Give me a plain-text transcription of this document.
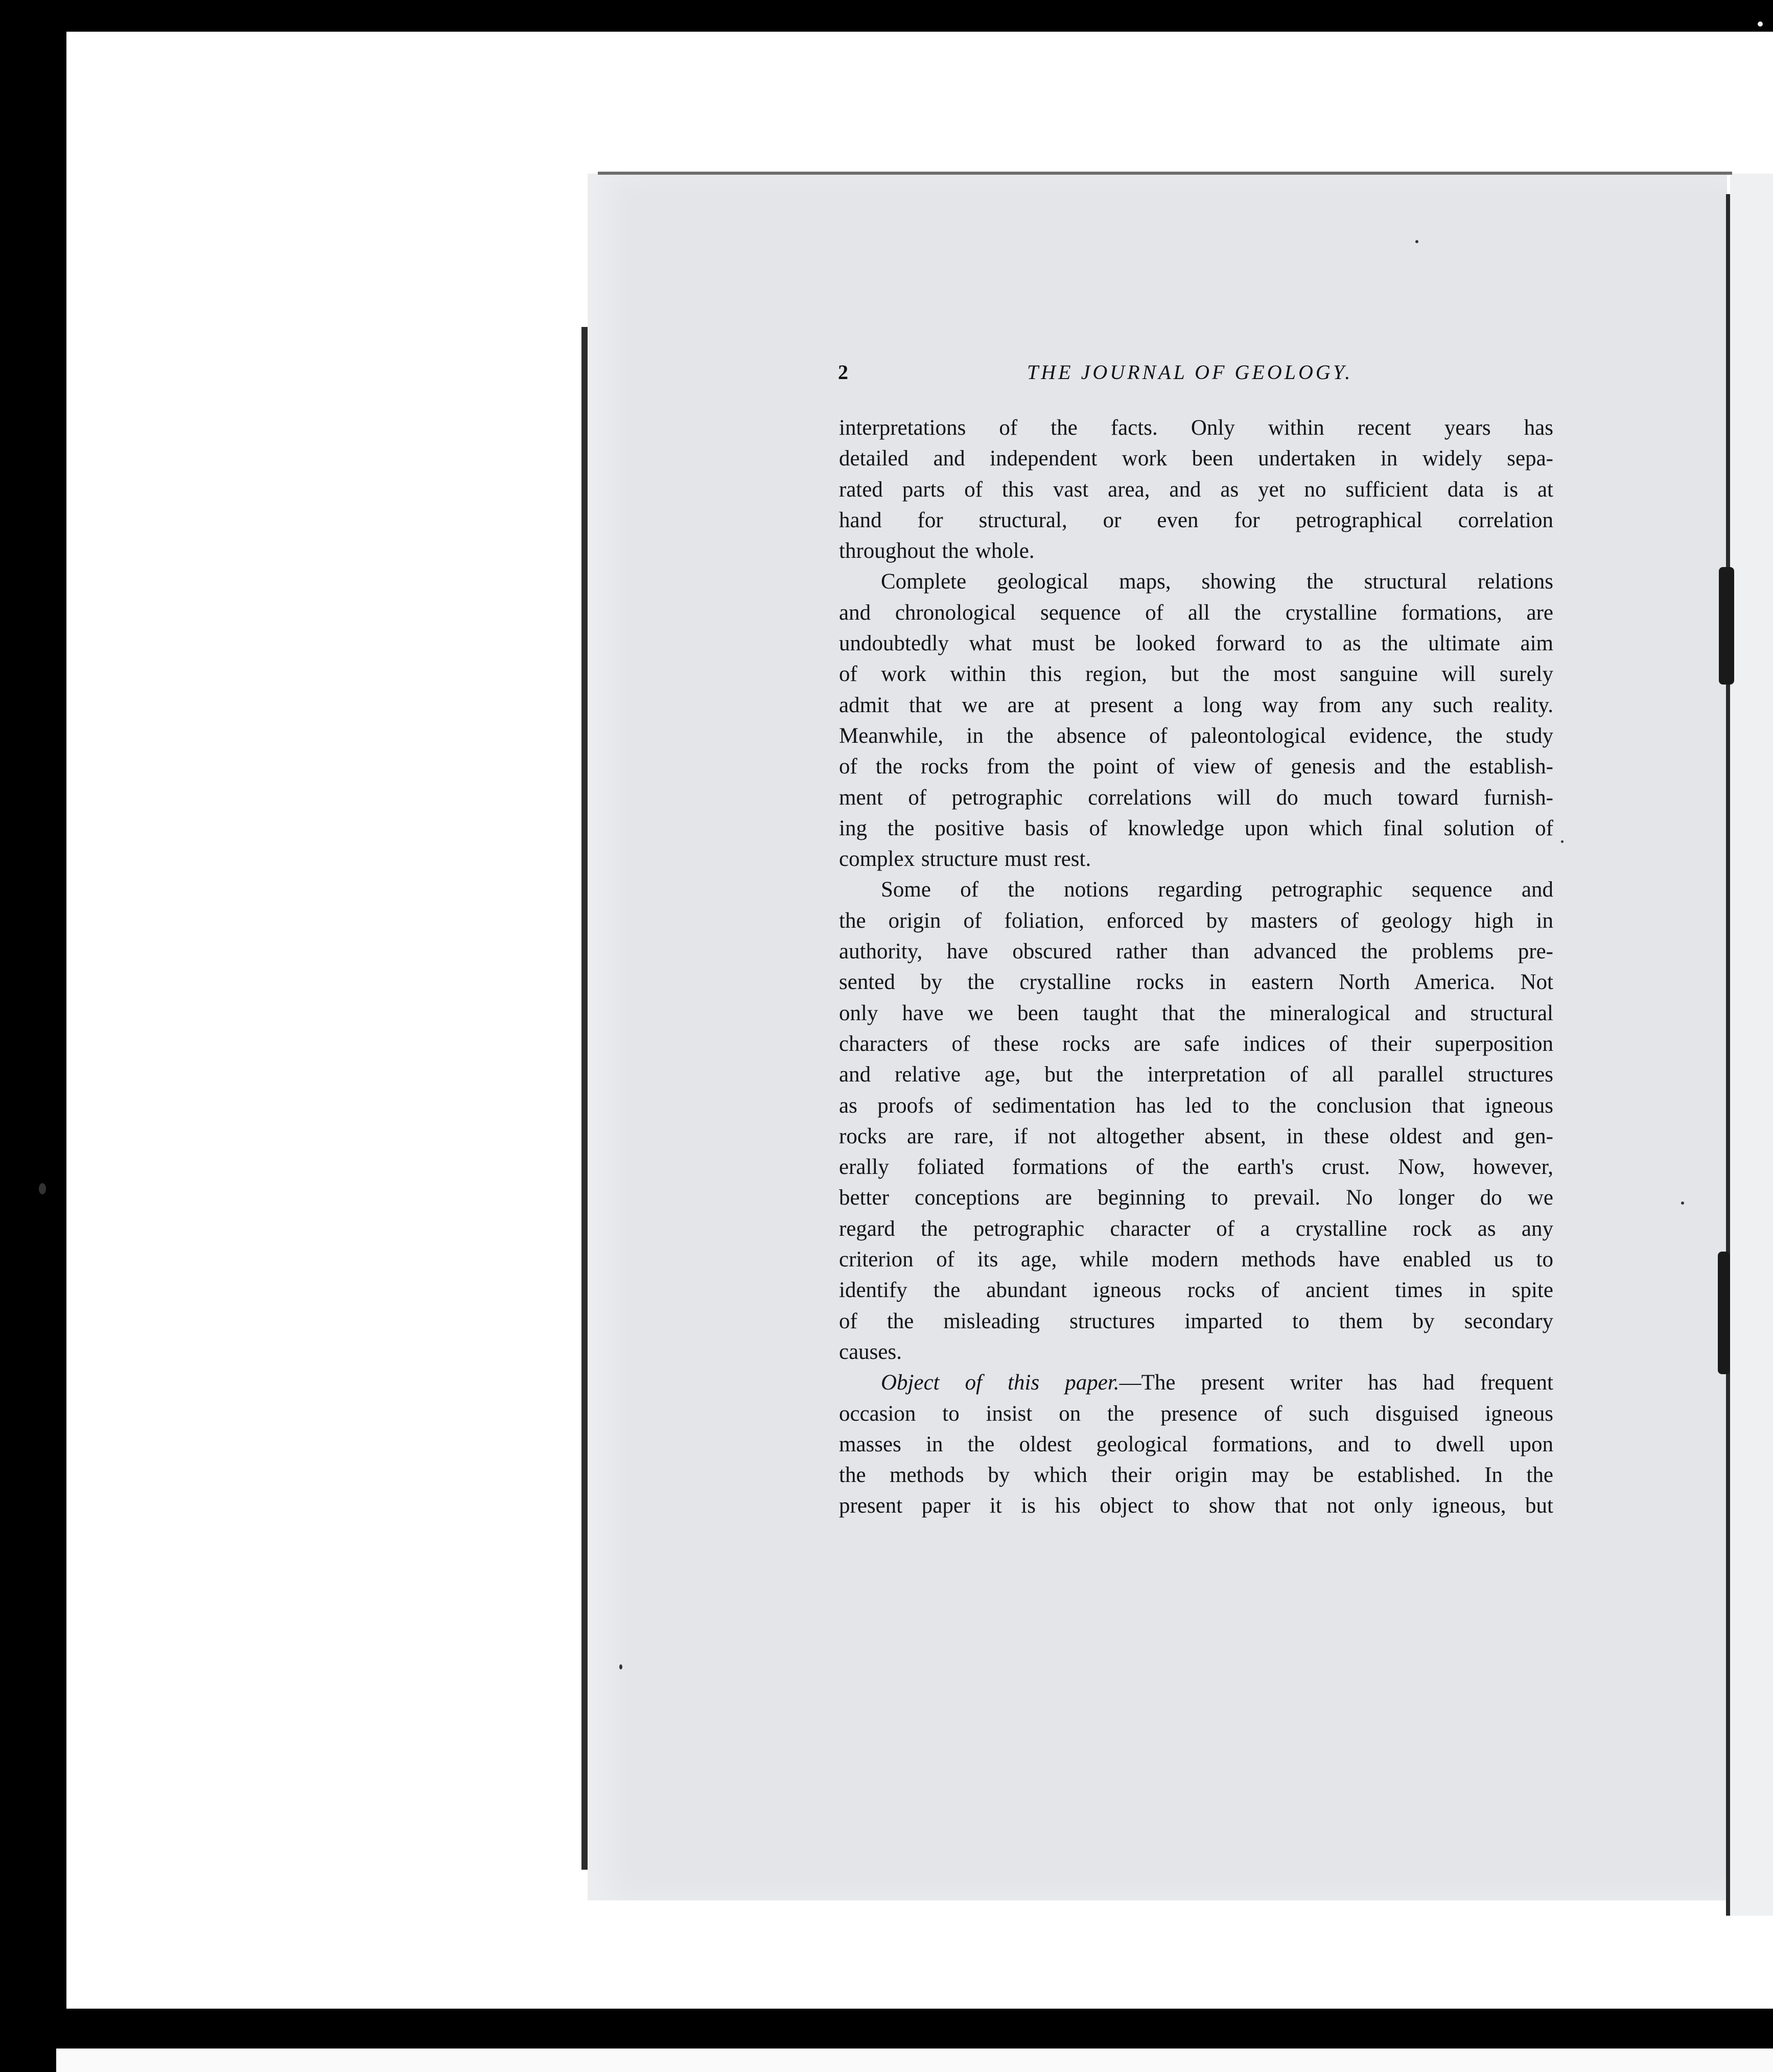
2	THE JOURNAL OF GEOLOGY.

interpretations of the facts. Only within recent years has
detailed and independent work been undertaken in widely sepa-
rated parts of this vast area, and as yet no sufficient data is at
hand for structural, or even for petrographical correlation
throughout the whole.

Complete geological maps, showing the structural relations
and chronological sequence of all the crystalline formations, are
undoubtedly what must be looked forward to as the ultimate aim
of work within this region, but the most sanguine will surely
admit that we are at present a long way from any such reality.
Meanwhile, in the absence of paleontological evidence, the study
of the rocks from the point of view of genesis and the establish-
ment of petrographic correlations will do much toward furnish-
ing the positive basis of knowledge upon which final solution of
complex structure must rest.

Some of the notions regarding petrographic sequence and
the origin of foliation, enforced by masters of geology high in
authority, have obscured rather than advanced the problems pre-
sented by the crystalline rocks in eastern North America. Not
only have we been taught that the mineralogical and structural
characters of these rocks are safe indices of their superposition
and relative age, but the interpretation of all parallel structures
as proofs of sedimentation has led to the conclusion that igneous
rocks are rare, if not altogether absent, in these oldest and gen-
erally foliated formations of the earth's crust. Now, however,
better conceptions are beginning to prevail. No longer do we
regard the petrographic character of a crystalline rock as any
criterion of its age, while modern methods have enabled us to
identify the abundant igneous rocks of ancient times in spite
of the misleading structures imparted to them by secondary
causes.

Object of this paper.—The present writer has had frequent
occasion to insist on the presence of such disguised igneous
masses in the oldest geological formations, and to dwell upon
the methods by which their origin may be established. In the
present paper it is his object to show that not only igneous, but
